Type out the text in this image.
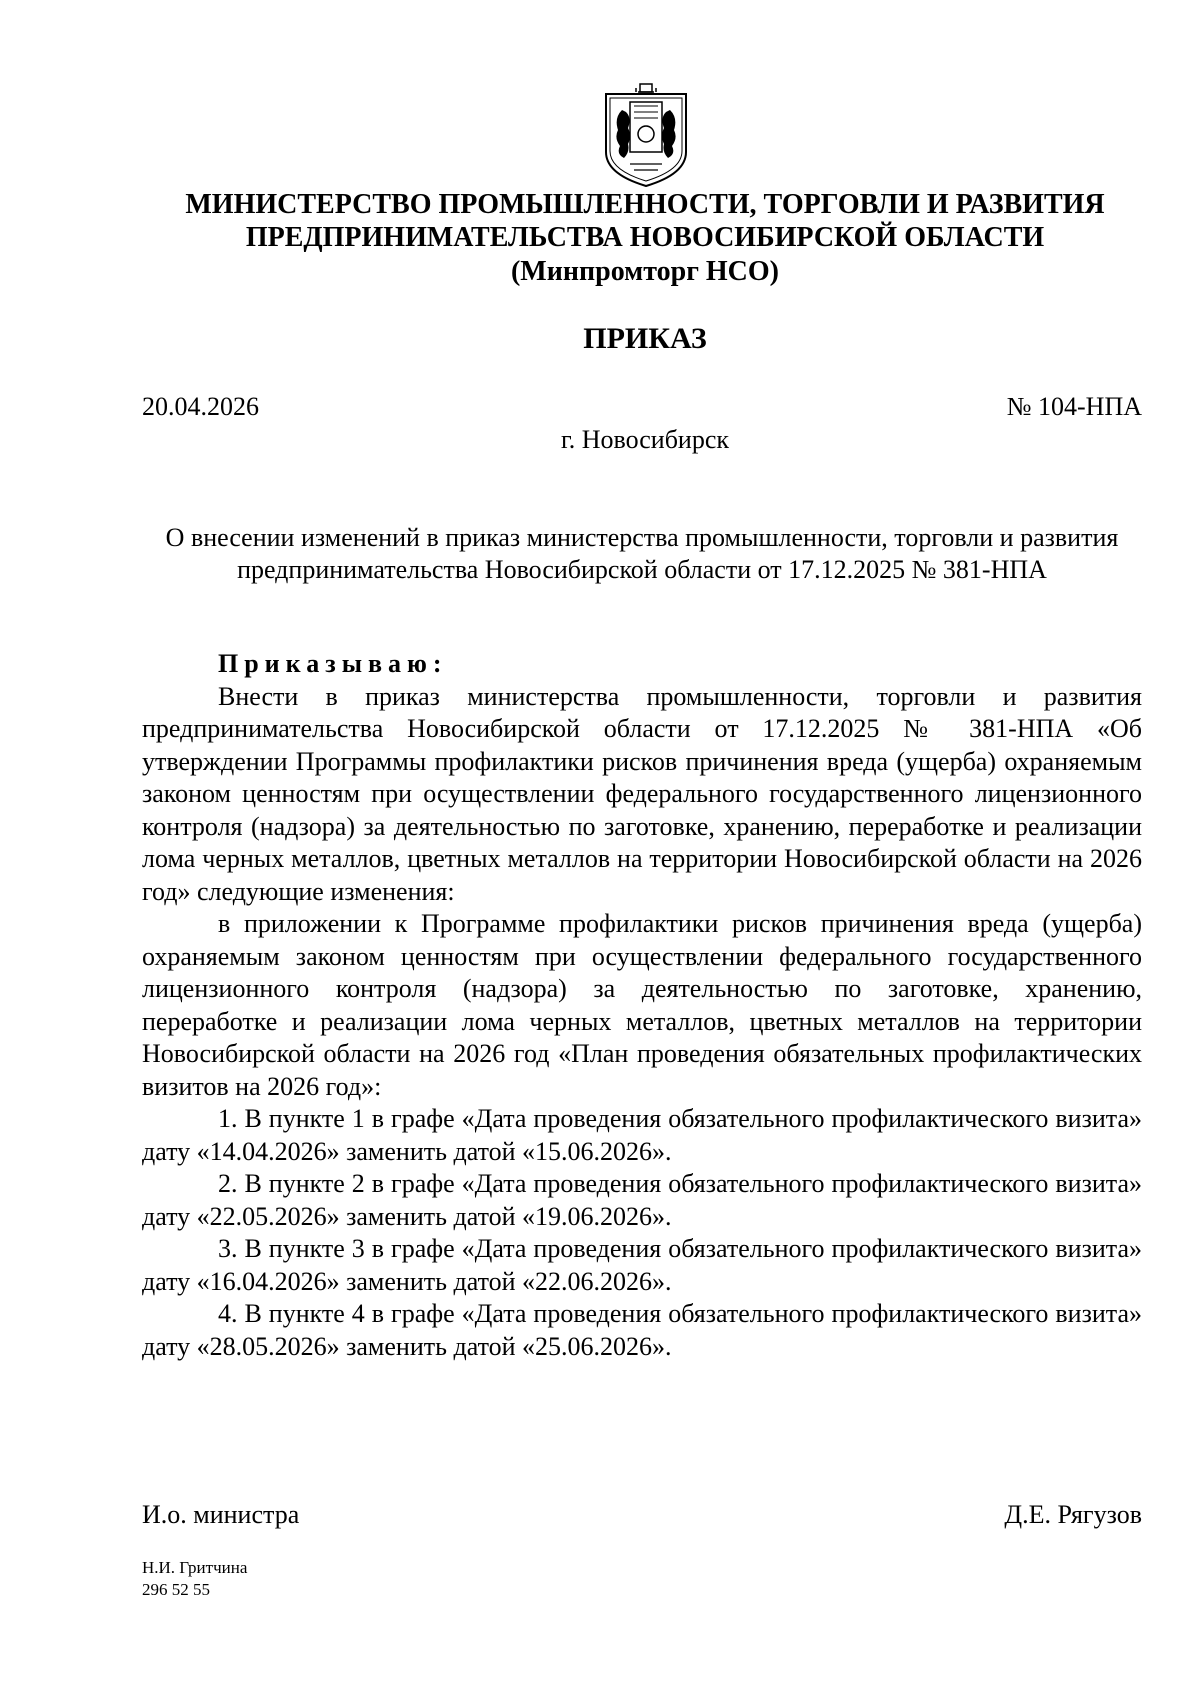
МИНИСТЕРСТВО ПРОМЫШЛЕННОСТИ, ТОРГОВЛИ И РАЗВИТИЯ
ПРЕДПРИНИМАТЕЛЬСТВА НОВОСИБИРСКОЙ ОБЛАСТИ
(Минпромторг НСО)
ПРИКАЗ
20.04.2026	№ 104-НПА
г. Новосибирск
О внесении изменений в приказ министерства промышленности, торговли и развития предпринимательства Новосибирской области от 17.12.2025 № 381-НПА

Приказываю:

Внести в приказ министерства промышленности, торговли и развития предпринимательства Новосибирской области от 17.12.2025 № 381-НПА «Об утверждении Программы профилактики рисков причинения вреда (ущерба) охраняемым законом ценностям при осуществлении федерального государственного лицензионного контроля (надзора) за деятельностью по заготовке, хранению, переработке и реализации лома черных металлов, цветных металлов на территории Новосибирской области на 2026 год» следующие изменения:

в приложении к Программе профилактики рисков причинения вреда (ущерба) охраняемым законом ценностям при осуществлении федерального государственного лицензионного контроля (надзора) за деятельностью по заготовке, хранению, переработке и реализации лома черных металлов, цветных металлов на территории Новосибирской области на 2026 год «План проведения обязательных профилактических визитов на 2026 год»:

1. В пункте 1 в графе «Дата проведения обязательного профилактического визита» дату «14.04.2026» заменить датой «15.06.2026».

2. В пункте 2 в графе «Дата проведения обязательного профилактического визита» дату «22.05.2026» заменить датой «19.06.2026».

3. В пункте 3 в графе «Дата проведения обязательного профилактического визита» дату «16.04.2026» заменить датой «22.06.2026».

4. В пункте 4 в графе «Дата проведения обязательного профилактического визита» дату «28.05.2026» заменить датой «25.06.2026».

И.о. министра	Д.Е. Рягузов
Н.И. Гритчина
296 52 55
